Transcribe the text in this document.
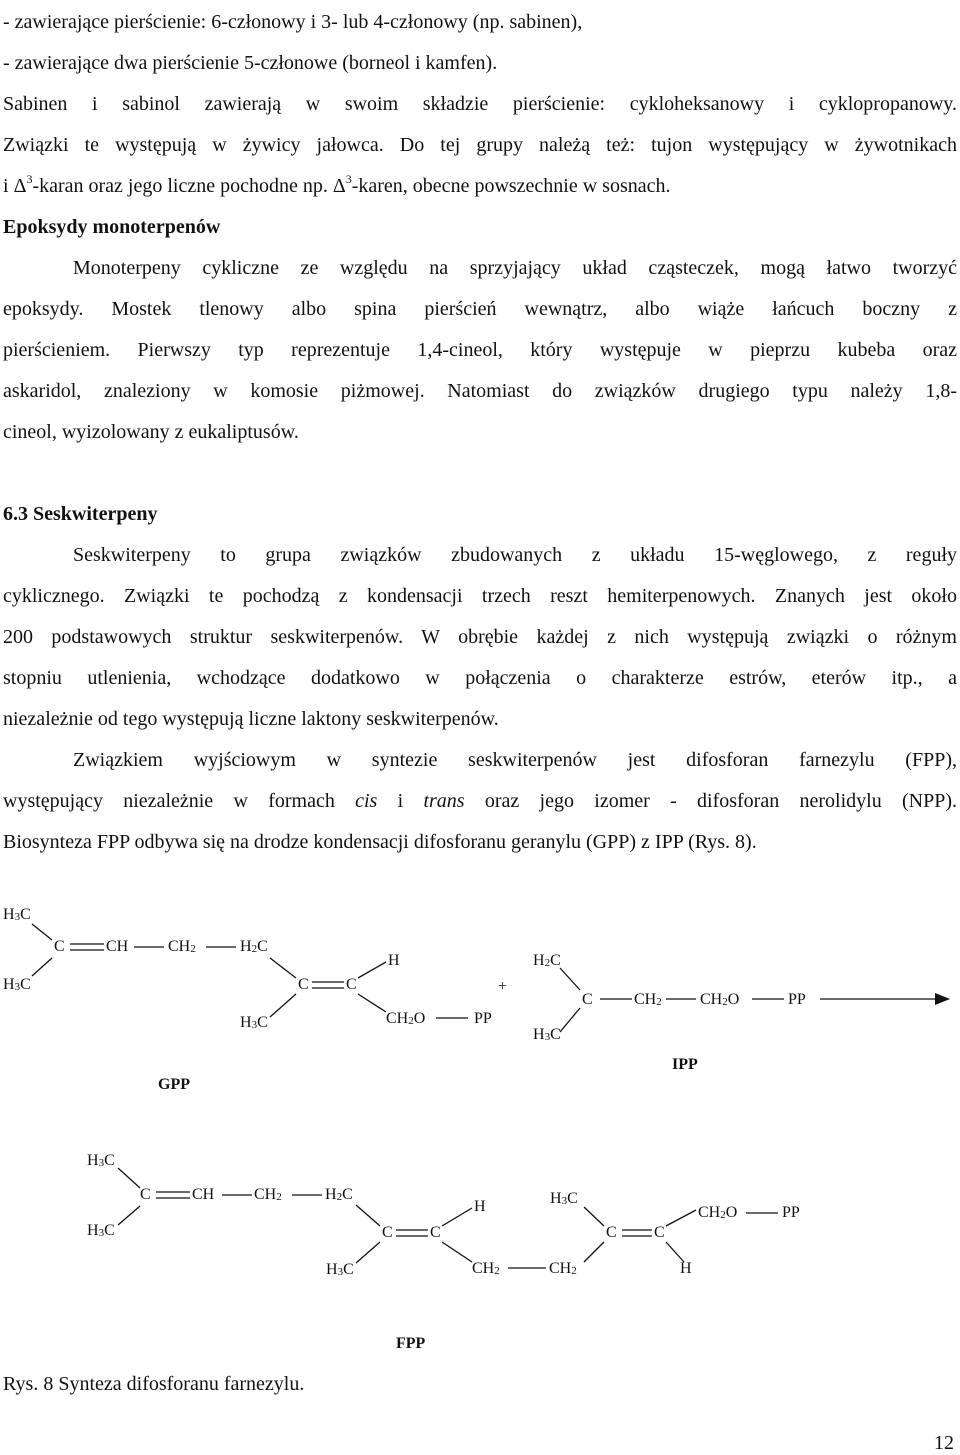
- zawierające pierścienie: 6-członowy i 3- lub 4-członowy (np. sabinen),
- zawierające dwa pierścienie 5-członowe (borneol i kamfen).
Sabinen i sabinol zawierają w swoim składzie pierścienie: cykloheksanowy i cyklopropanowy.
Związki te występują w żywicy jałowca. Do tej grupy należą też: tujon występujący w żywotnikach
i $\Delta^3$-karan oraz jego liczne pochodne np. $\Delta^3$-karen, obecne powszechnie w sosnach.
Epoksydy monoterpenów
Monoterpeny cykliczne ze względu na sprzyjający układ cząsteczek, mogą łatwo tworzyć
epoksydy. Mostek tlenowy albo spina pierścień wewnątrz, albo wiąże łańcuch boczny z
pierścieniem. Pierwszy typ reprezentuje 1,4-cineol, który występuje w pieprzu kubeba oraz
askaridol, znaleziony w komosie piżmowej. Natomiast do związków drugiego typu należy 1,8-
cineol, wyizolowany z eukaliptusów.
6.3 Seskwiterpeny
Seskwiterpeny to grupa związków zbudowanych z układu 15-węglowego, z reguły
cyklicznego. Związki te pochodzą z kondensacji trzech reszt hemiterpenowych. Znanych jest około
200 podstawowych struktur seskwiterpenów. W obrębie każdej z nich występują związki o różnym
stopniu utlenienia, wchodzące dodatkowo w połączenia o charakterze estrów, eterów itp., a
niezależnie od tego występują liczne laktony seskwiterpenów.
Związkiem wyjściowym w syntezie seskwiterpenów jest difosforan farnezylu (FPP),
występujący niezależnie w formach cis i trans oraz jego izomer - difosforan nerolidylu (NPP).
Biosynteza FPP odbywa się na drodze kondensacji difosforanu geranylu (GPP) z IPP (Rys. 8).
$H_3C$
$H_3C$
C	CH $CH_2$	$H_2C$
C C
H
$H_3C$	$CH_2O$	PP
GPP
+
$H_2C$
C	$CH_2$ $CH_2O$	PP
$H_3C$
IPP
$H_3C$
$H_3C$
C	CH $CH_2$	$H_2C$
C C
H
$H_3C$	$CH_2$	$CH_2$
$H_3C$
C C
$CH_2O$	PP
H
FPP
Rys. 8 Synteza difosforanu farnezylu.
12
